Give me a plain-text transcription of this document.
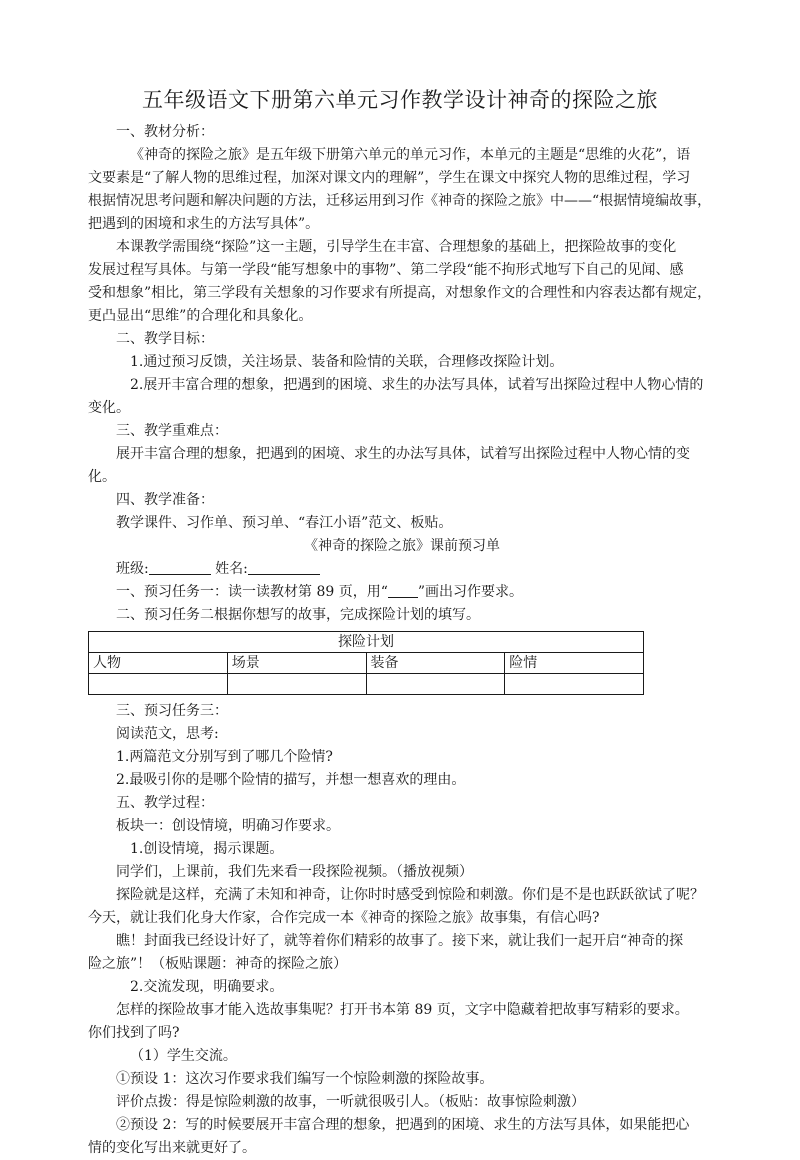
五年级语文下册第六单元习作教学设计神奇的探险之旅
一、教材分析：
《神奇的探险之旅》是五年级下册第六单元的单元习作，本单元的主题是“思维的火花”，语
文要素是“了解人物的思维过程，加深对课文内的理解”，学生在课文中探究人物的思维过程，学习
根据情况思考问题和解决问题的方法，迁移运用到习作《神奇的探险之旅》中——“根据情境编故事，
把遇到的困境和求生的方法写具体”。
本课教学需围绕“探险”这一主题，引导学生在丰富、合理想象的基础上，把探险故事的变化
发展过程写具体。与第一学段“能写想象中的事物”、第二学段“能不拘形式地写下自己的见闻、感
受和想象”相比，第三学段有关想象的习作要求有所提高，对想象作文的合理性和内容表达都有规定，
更凸显出“思维”的合理化和具象化。
二、教学目标：
1.通过预习反馈，关注场景、装备和险情的关联，合理修改探险计划。
2.展开丰富合理的想象，把遇到的困境、求生的办法写具体，试着写出探险过程中人物心情的
变化。
三、教学重难点：
展开丰富合理的想象，把遇到的困境、求生的办法写具体，试着写出探险过程中人物心情的变
化。
四、教学准备：
教学课件、习作单、预习单、“春江小语”范文、板贴。
《神奇的探险之旅》课前预习单
班级:	姓名:
一、预习任务一：读一读教材第 89 页，用“ ”画出习作要求。
二、预习任务二根据你想写的故事，完成探险计划的填写。
探险计划			
人物	场景	装备	险情

三、预习任务三：
阅读范文，思考:
1.两篇范文分别写到了哪几个险情?
2.最吸引你的是哪个险情的描写，并想一想喜欢的理由。
五、教学过程：
板块一：创设情境，明确习作要求。
1.创设情境，揭示课题。
同学们，上课前，我们先来看一段探险视频。（播放视频）
探险就是这样，充满了未知和神奇，让你时时感受到惊险和刺激。你们是不是也跃跃欲试了呢？
今天，就让我们化身大作家，合作完成一本《神奇的探险之旅》故事集，有信心吗?
瞧！封面我已经设计好了，就等着你们精彩的故事了。接下来，就让我们一起开启“神奇的探
险之旅”！（板贴课题：神奇的探险之旅）
2.交流发现，明确要求。
怎样的探险故事才能入选故事集呢？打开书本第 89 页，文字中隐藏着把故事写精彩的要求。
你们找到了吗?
（1）学生交流。
①预设 1：这次习作要求我们编写一个惊险刺激的探险故事。
评价点拨：得是惊险刺激的故事，一听就很吸引人。（板贴：故事惊险刺激）
②预设 2：写的时候要展开丰富合理的想象，把遇到的困境、求生的方法写具体，如果能把心
情的变化写出来就更好了。
